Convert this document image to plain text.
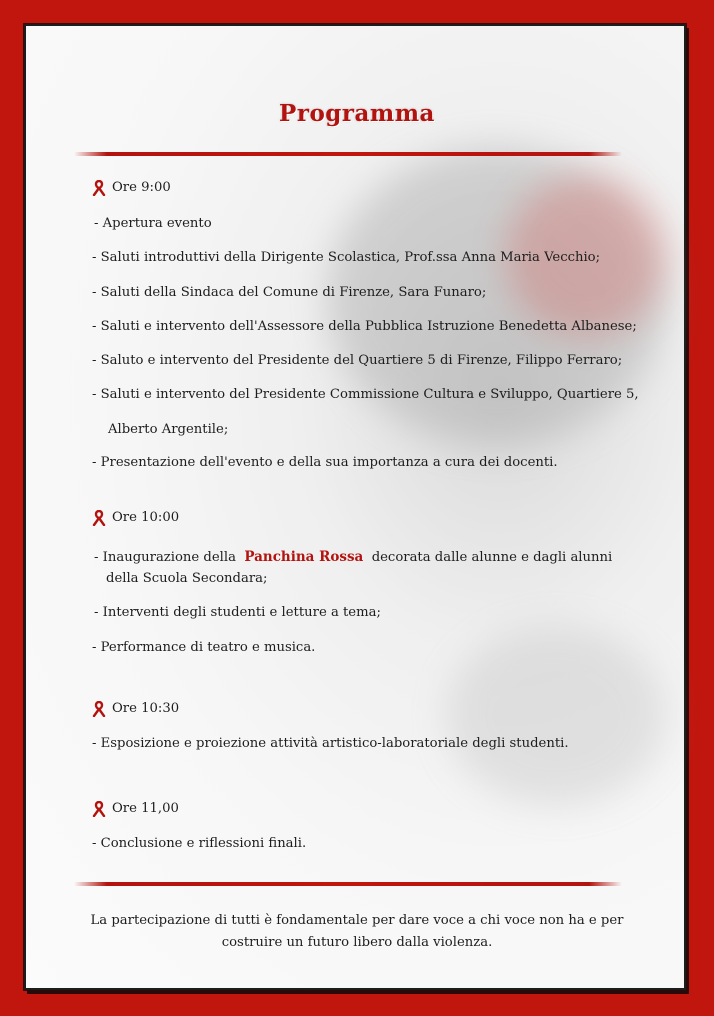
Programma
Ore 9:00
- Apertura evento
- Saluti introduttivi della Dirigente Scolastica, Prof.ssa Anna Maria Vecchio;
- Saluti della Sindaca del Comune di Firenze, Sara Funaro;
- Saluti e intervento dell'Assessore della Pubblica Istruzione Benedetta Albanese;
- Saluto e intervento del Presidente del Quartiere 5 di Firenze, Filippo Ferraro;
- Saluti e intervento del Presidente Commissione Cultura e Sviluppo, Quartiere 5,
Alberto Argentile;
- Presentazione dell'evento e della sua importanza a cura dei docenti.
Ore 10:00
- Inaugurazione della Panchina Rossa decorata dalle alunne e dagli alunni
della Scuola Secondara;
- Interventi degli studenti e letture a tema;
- Performance di teatro e musica.
Ore 10:30
- Esposizione e proiezione attività artistico-laboratoriale degli studenti.
Ore 11,00
- Conclusione e riflessioni finali.
La partecipazione di tutti è fondamentale per dare voce a chi voce non ha e per
costruire un futuro libero dalla violenza.
